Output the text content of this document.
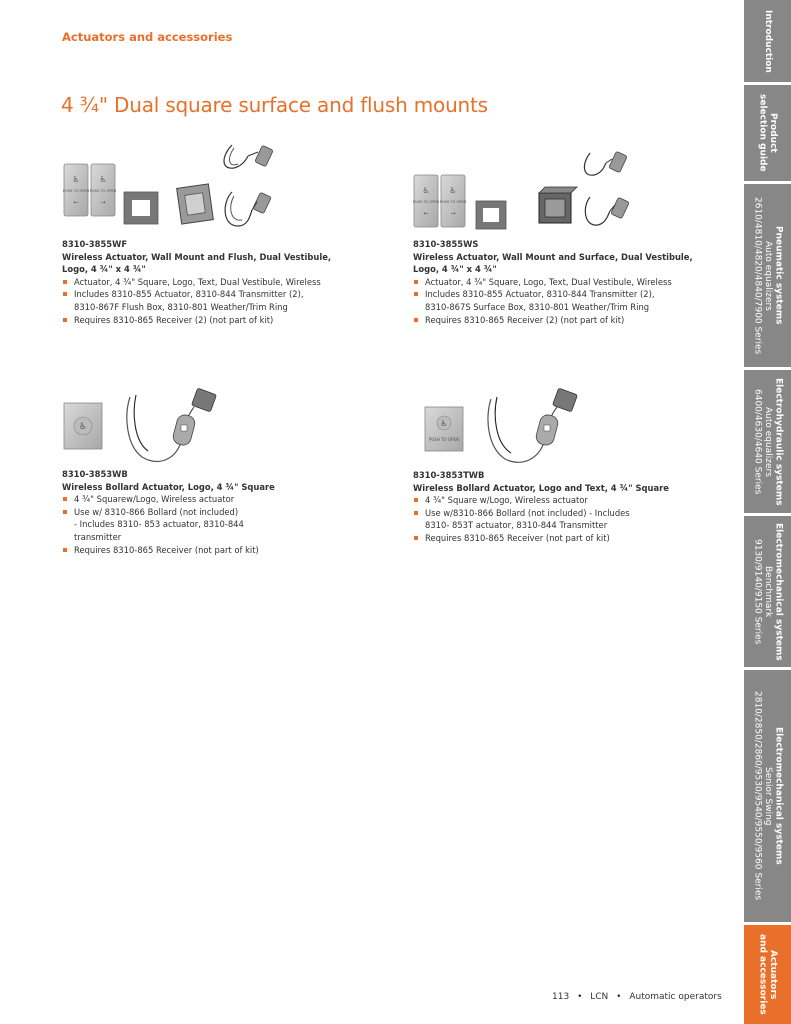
Actuators and accessories
4 ¾" Dual square surface and flush mounts
♿
PUSH TO OPEN
←
♿
PUSH TO OPEN
→
8310-3855WF
Wireless Actuator, Wall Mount and Flush, Dual Vestibule,
Logo, 4 ¾" x 4 ¾"
Actuator, 4 ¾" Square, Logo, Text, Dual Vestibule, Wireless
Includes 8310-855 Actuator, 8310-844 Transmitter (2),
8310-867F Flush Box, 8310-801 Weather/Trim Ring
Requires 8310-865 Receiver (2) (not part of kit)
♿
PUSH TO OPEN
←
♿
PUSH TO OPEN
→
8310-3855WS
Wireless Actuator, Wall Mount and Surface, Dual Vestibule,
Logo, 4 ¾" x 4 ¾"
Actuator, 4 ¾" Square, Logo, Text, Dual Vestibule, Wireless
Includes 8310-855 Actuator, 8310-844 Transmitter (2),
8310-867S Surface Box, 8310-801 Weather/Trim Ring
Requires 8310-865 Receiver (2) (not part of kit)
♿
8310-3853WB
Wireless Bollard Actuator, Logo, 4 ¾" Square
4 ¾" Squarew/Logo, Wireless actuator
Use w/ 8310-866 Bollard (not included)
- Includes 8310- 853 actuator, 8310-844
transmitter
Requires 8310-865 Receiver (not part of kit)
♿
PUSH TO OPEN
8310-3853TWB
Wireless Bollard Actuator, Logo and Text, 4 ¾" Square
4 ¾" Square w/Logo, Wireless actuator
Use w/8310-866 Bollard (not included) - Includes
8310- 853T actuator, 8310-844 Transmitter
Requires 8310-865 Receiver (not part of kit)
Introduction
Product
selection guide
Pneumatic systems
Auto equalizers
2610/4810/4820/4840/7900 Series
Electrohydraulic systems
Auto equalizers
6400/4630/4640 Series
Electromechanical systems
Benchmark
9130/9140/9150 Series
Electromechanical systems
Senior Swing
2810/2850/2860/9530/9540/9550/9560 Series
Actuators
and accessories
113 • LCN • Automatic operators
